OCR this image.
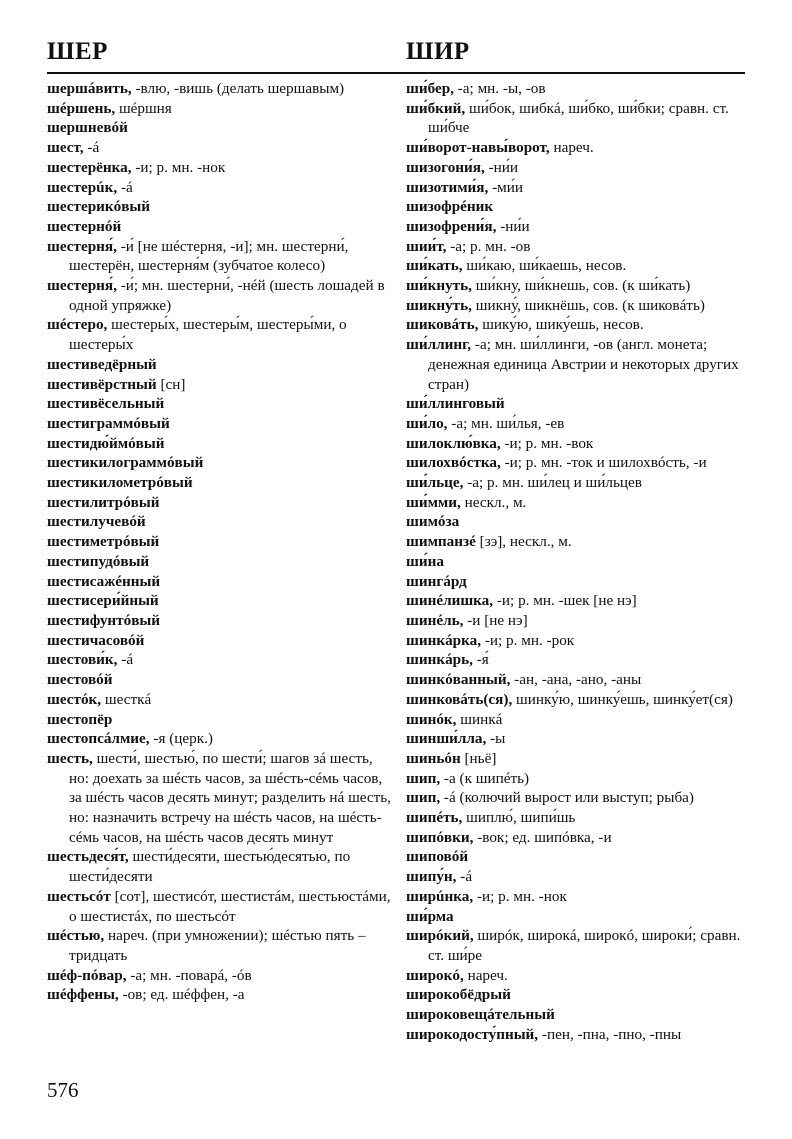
ШЕР	ШИР
шершáвить, -влю, -вишь (делать шершавым)
шéршень, шéршня
шершневóй
шест, -á
шестерёнка, -и; р. мн. -нок
шестерúк, -á
шестерикóвый
шестернóй
шестерня́, -и́ [не шéстерня, -и]; мн. шестерни́, шестерён, шестерня́м (зубчатое колесо)
шестерня́, -и́; мн. шестерни́, -нéй (шесть лошадей в одной упряжке)
шéстеро, шестеры́х, шестеры́м, шестеры́ми, о шестеры́х
шестиведёрный
шестивёрстный [сн]
шестивёсельный
шестиграммóвый
шестидю́ймóвый
шестикилограммóвый
шестикилометрóвый
шестилитрóвый
шестилучевóй
шестиметрóвый
шестипудóвый
шестисажéнный
шестисери́йный
шестифунтóвый
шестичасовóй
шестови́к, -á
шестовóй
шестóк, шесткá
шестопёр
шестопсáлмие, -я (церк.)
шесть, шести́, шестью́, по шести́; шагов зá шесть, но: доехать за шéсть часов, за шéсть-сéмь часов, за шéсть часов десять минут; разделить нá шесть, но: назначить встречу на шéсть часов, на шéсть-сéмь часов, на шéсть часов десять минут
шестьдеся́т, шести́десяти, шестью́десятью, по шести́десяти
шестьсóт [сот], шестисóт, шестистáм, шестьюстáми, о шестистáх, по шестьсóт
шéстью, нареч. (при умножении); шéстью пять – тридцать
шéф-пóвар, -а; мн. -поварá, -óв
шéффены, -ов; ед. шéффен, -а
ши́бер, -а; мн. -ы, -ов
ши́бкий, ши́бок, шибкá, ши́бко, ши́бки; сравн. ст. ши́бче
ши́ворот-навы́ворот, нареч.
шизогони́я, -ни́и
шизотими́я, -ми́и
шизофрéник
шизофрени́я, -ни́и
шии́т, -а; р. мн. -ов
ши́кать, ши́каю, ши́каешь, несов.
ши́кнуть, ши́кну, ши́кнешь, сов. (к ши́кать)
шикну́ть, шикну́, шикнёшь, сов. (к шиковáть)
шиковáть, шику́ю, шику́ешь, несов.
ши́ллинг, -а; мн. ши́ллинги, -ов (англ. монета; денежная единица Австрии и некоторых других стран)
ши́ллинговый
ши́ло, -а; мн. ши́лья, -ев
шилоклю́вка, -и; р. мн. -вок
шилохвóстка, -и; р. мн. -ток и шилохвóсть, -и
ши́льце, -а; р. мн. ши́лец и ши́льцев
ши́мми, нескл., м.
шимóза
шимпанзé [зэ], нескл., м.
ши́на
шингáрд
шинéлишка, -и; р. мн. -шек [не нэ]
шинéль, -и [не нэ]
шинкáрка, -и; р. мн. -рок
шинкáрь, -я́
шинкóванный, -ан, -ана, -ано, -аны
шинковáть(ся), шинку́ю, шинку́ешь, шинку́ет(ся)
шинóк, шинкá
шинши́лла, -ы
шиньóн [ньё]
шип, -а (к шипéть)
шип, -á (колючий вырост или выступ; рыба)
шипéть, шиплю́, шипи́шь
шипóвки, -вок; ед. шипóвка, -и
шиповóй
шипу́н, -á
ширúнка, -и; р. мн. -нок
ши́рма
ширóкий, ширóк, широкá, широкó, широки́; сравн. ст. ши́ре
широкó, нареч.
широкобёдрый
широковещáтельный
широкодосту́пный, -пен, -пна, -пно, -пны
576
